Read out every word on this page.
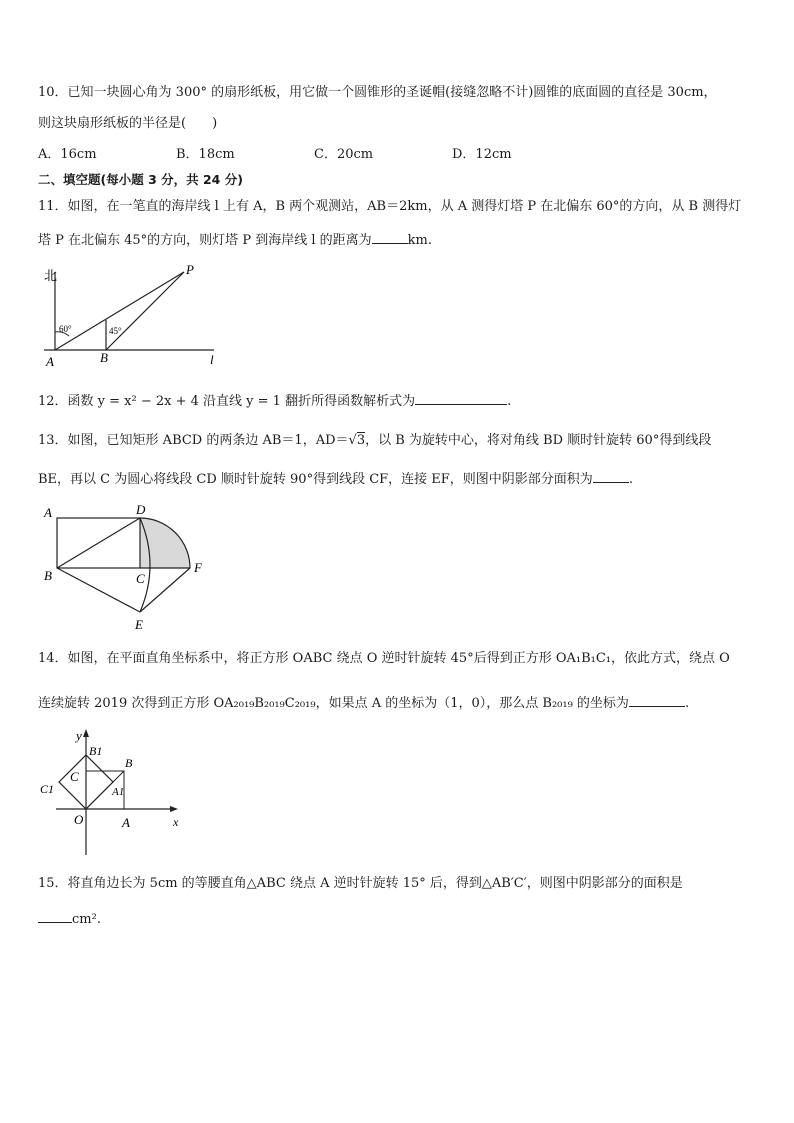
10．已知一块圆心角为 300° 的扇形纸板，用它做一个圆锥形的圣诞帽(接缝忽略不计)圆锥的底面圆的直径是 30cm，
则这块扇形纸板的半径是(　　)
A．16cm	B．18cm	C．20cm	D．12cm
二、填空题(每小题 3 分，共 24 分)
11．如图，在一笔直的海岸线 l 上有 A，B 两个观测站，AB＝2km，从 A 测得灯塔 P 在北偏东 60°的方向，从 B 测得灯
塔 P 在北偏东 45°的方向，则灯塔 P 到海岸线 l 的距离为	km.
北
60°	45°
P
A	B	l
12．函数 y = x² − 2x + 4 沿直线 y = 1 翻折所得函数解析式为	.
13．如图，已知矩形 ABCD 的两条边 AB＝1，AD＝√3，以 B 为旋转中心，将对角线 BD 顺时针旋转 60°得到线段
BE，再以 C 为圆心将线段 CD 顺时针旋转 90°得到线段 CF，连接 EF，则图中阴影部分面积为	.
A	D
B	C
F
E
14．如图，在平面直角坐标系中，将正方形 OABC 绕点 O 逆时针旋转 45°后得到正方形 OA₁B₁C₁，依此方式，绕点 O
连续旋转 2019 次得到正方形 OA₂₀₁₉B₂₀₁₉C₂₀₁₉，如果点 A 的坐标为（1，0），那么点 B₂₀₁₉ 的坐标为	.
y
x
O	A
B
C
A1
B1
C1
15．将直角边长为 5cm 的等腰直角△ABC 绕点 A 逆时针旋转 15° 后，得到△AB′C′，则图中阴影部分的面积是
cm².
